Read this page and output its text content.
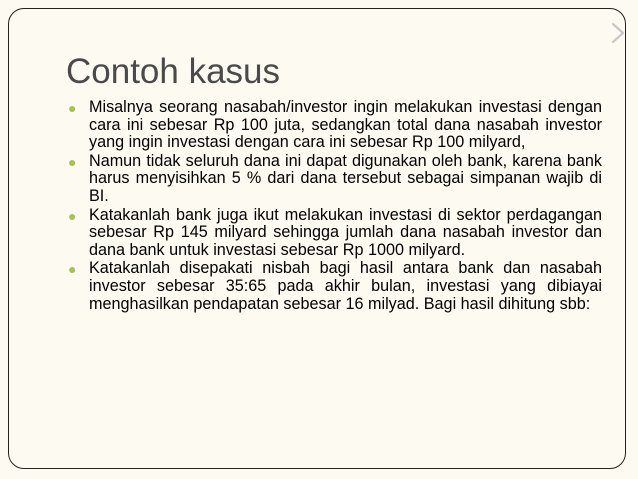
Contoh kasus
● Misalnya seorang nasabah/investor ingin melakukan investasi dengan cara ini sebesar Rp 100 juta, sedangkan total dana nasabah investor yang ingin investasi dengan cara ini sebesar Rp 100 milyard,
● Namun tidak seluruh dana ini dapat digunakan oleh bank, karena bank harus menyisihkan 5 % dari dana tersebut sebagai simpanan wajib di BI.
● Katakanlah bank juga ikut melakukan investasi di sektor perdagangan sebesar Rp 145 milyard sehingga jumlah dana nasabah investor dan dana bank untuk investasi sebesar Rp 1000 milyard.
● Katakanlah disepakati nisbah bagi hasil antara bank dan nasabah investor sebesar 35:65 pada akhir bulan, investasi yang dibiayai menghasilkan pendapatan sebesar 16 milyad. Bagi hasil dihitung sbb:
